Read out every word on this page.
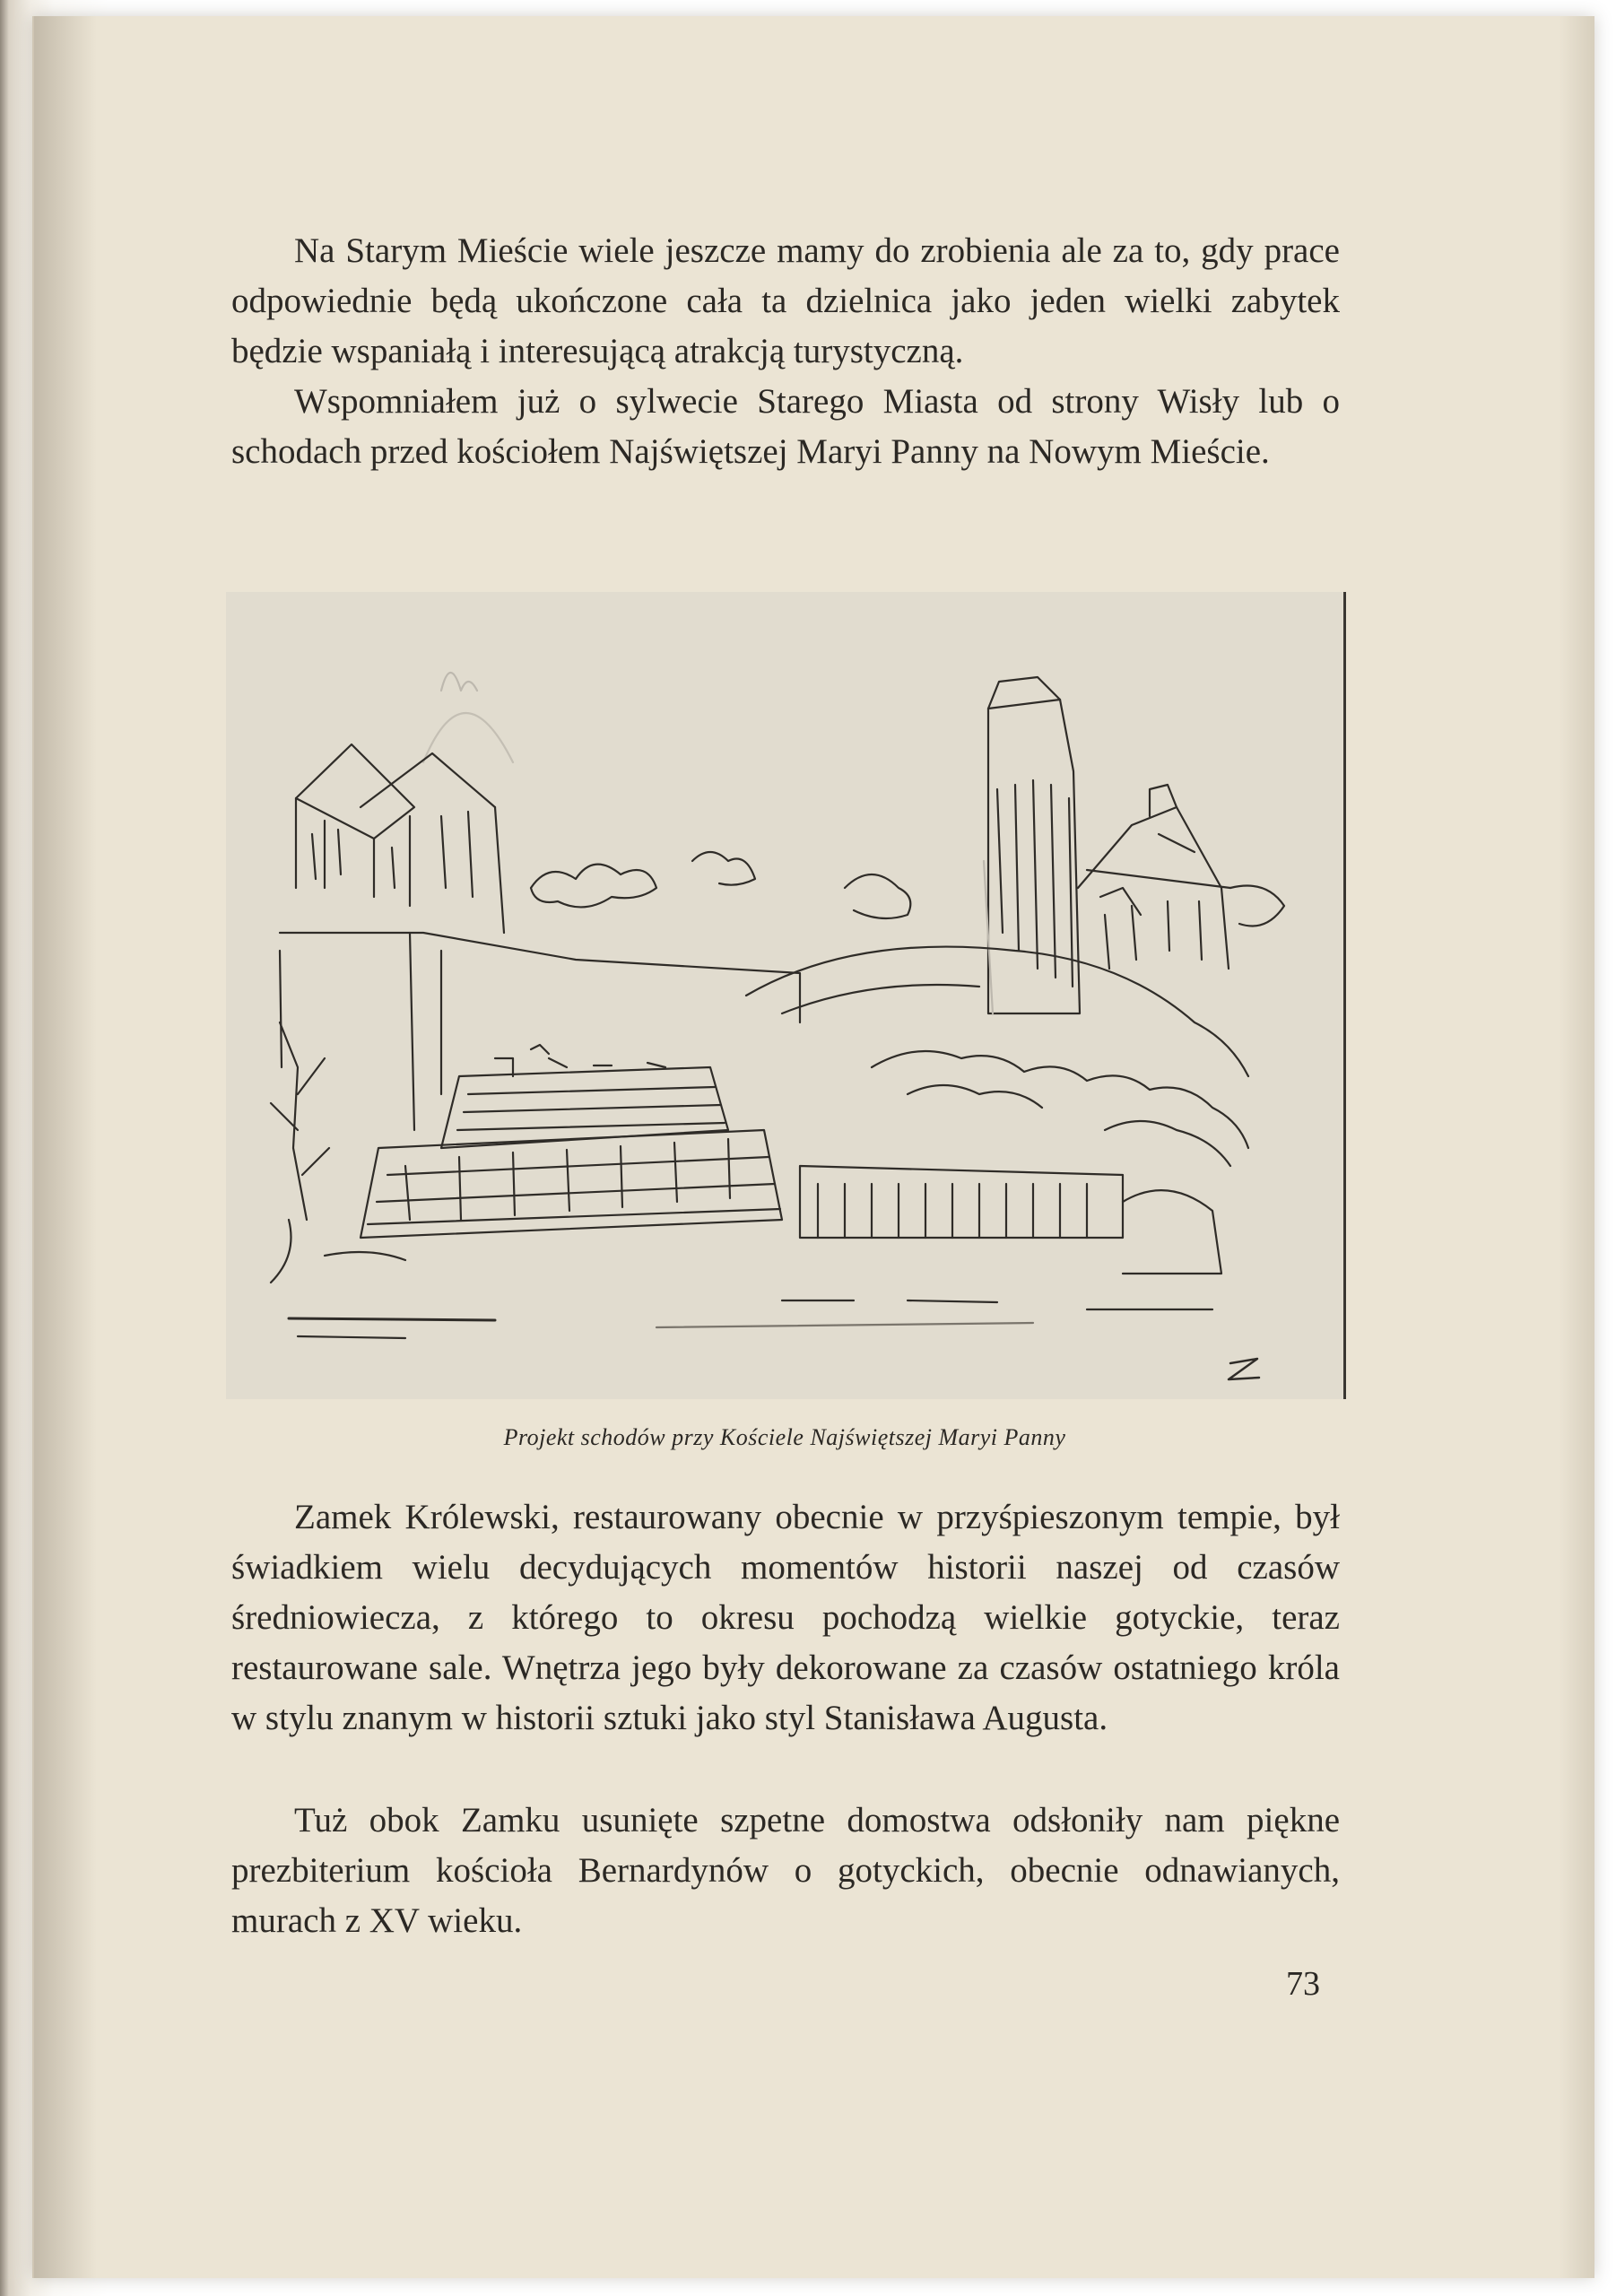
Na Starym Mieście wiele jeszcze mamy do zrobienia ale za to, gdy prace odpowiednie będą ukończone cała ta dzielnica jako jeden wielki zabytek będzie wspaniałą i interesującą atrakcją turystyczną.

Wspomniałem już o sylwecie Starego Miasta od strony Wisły lub o schodach przed kościołem Najświętszej Maryi Panny na Nowym Mieście.

Projekt schodów przy Kościele Najświętszej Maryi Panny

Zamek Królewski, restaurowany obecnie w przyśpieszonym tempie, był świadkiem wielu decydujących momentów historii naszej od czasów średniowiecza, z którego to okresu pochodzą wielkie gotyckie, teraz restaurowane sale. Wnętrza jego były dekorowane za czasów ostatniego króla w stylu znanym w historii sztuki jako styl Stanisława Augusta.

Tuż obok Zamku usunięte szpetne domostwa odsłoniły nam piękne prezbiterium kościoła Bernardynów o gotyckich, obecnie odnawianych, murach z XV wieku.

73
